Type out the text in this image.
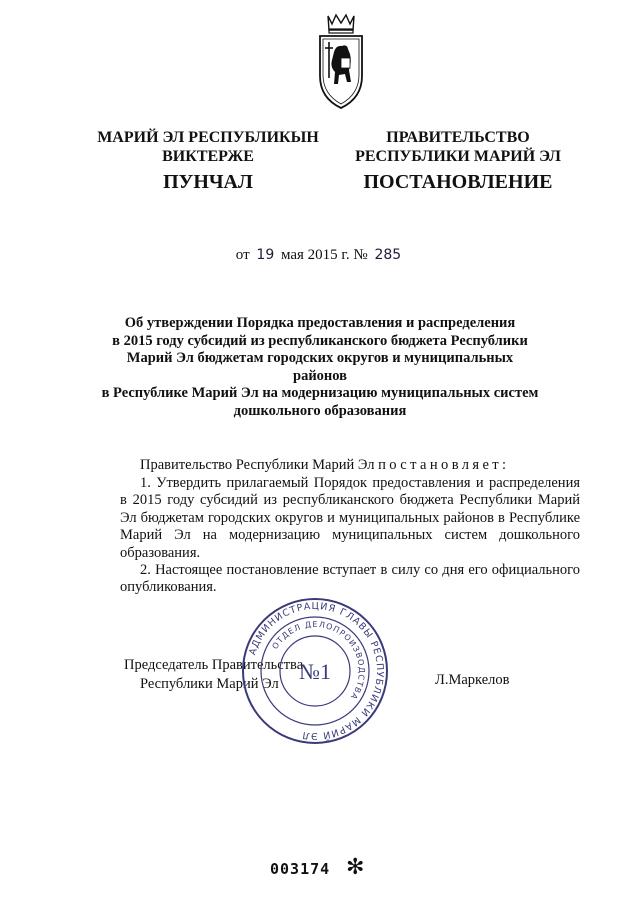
МАРИЙ ЭЛ РЕСПУБЛИКЫН
ВИКТЕРЖЕ
ПРАВИТЕЛЬСТВО
РЕСПУБЛИКИ МАРИЙ ЭЛ
ПУНЧАЛ	ПОСТАНОВЛЕНИЕ
от 19 мая 2015 г. № 285
Об утверждении Порядка предоставления и распределения
в 2015 году субсидий из республиканского бюджета Республики
Марий Эл бюджетам городских округов и муниципальных районов
в Республике Марий Эл на модернизацию муниципальных систем
дошкольного образования
Правительство Республики Марий Эл постановляет:
1. Утвердить прилагаемый Порядок предоставления и распределения в 2015 году субсидий из республиканского бюджета Республики Марий Эл бюджетам городских округов и муниципальных районов в Республике Марий Эл на модернизацию муниципальных систем дошкольного образования.
2. Настоящее постановление вступает в силу со дня его официального опубликования.
Председатель Правительства
Республики Марий Эл	Л.Маркелов
АДМИНИСТРАЦИЯ ГЛАВЫ РЕСПУБЛИКИ МАРИЙ ЭЛ
ОТДЕЛ ДЕЛОПРОИЗВОДСТВА
№1
003174 ✻
